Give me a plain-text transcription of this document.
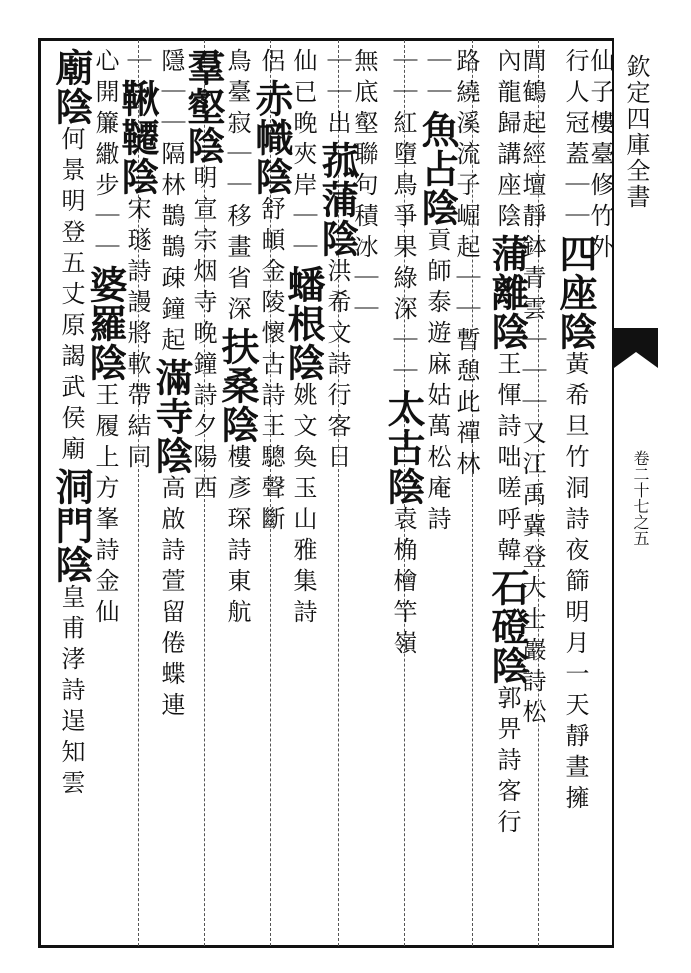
欽定四庫全書
卷二十七之五
仙子樓臺修竹外
行人冠蓋｜｜四座陰黃希旦竹洞詩夜篩明月一天靜晝擁
閭鶴起經壇靜鉢青雲｜｜｜又江禹冀登大士巖詩松
內龍歸講座陰蒲離陰王惲詩咄嗟呼韓石磴陰郭畀詩客行
路繞溪流子崛起｜｜暫憩此禪林
｜｜魚占陰貢師泰遊麻姑萬松庵詩
｜｜紅墮鳥爭果綠深｜｜太古陰袁桷檜竿嶺
無底壑聯句積冰｜｜
｜｜出菰蒲陰洪希文詩行客日
仙已晚夾岸｜｜蟠根陰姚文奐玉山雅集詩
侶赤幟陰舒頔金陵懷古詩王驄聲斷
鳥臺寂｜｜移畫省深扶桑陰樓彥琛詩東航
羣壑陰明宣宗烟寺晚鐘詩夕陽西
隱｜｜隔林鵲鵲疎鐘起滿寺陰高啟詩萱留倦蝶連
｜鞦韆陰宋璲詩謾將軟帶結同
心開簾繖步｜｜婆羅陰王履上方峯詩金仙
廟陰何景明登五丈原謁武侯廟洞門陰皇甫涍詩逞知雲
